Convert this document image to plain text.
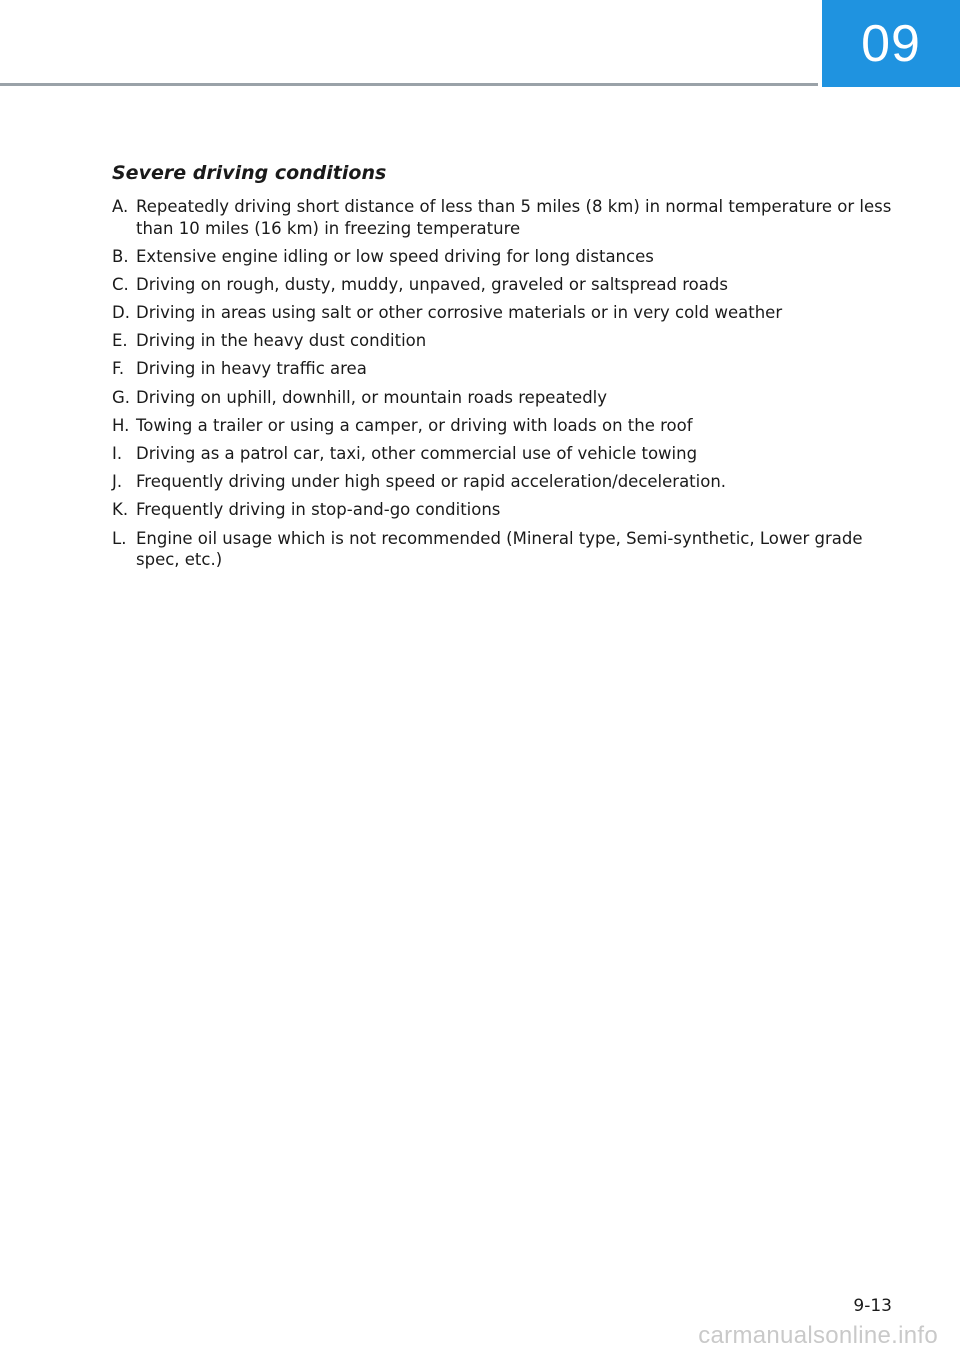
09
Severe driving conditions
A. Repeatedly driving short distance of less than 5 miles (8 km) in normal temperature or less than 10 miles (16 km) in freezing temperature
B. Extensive engine idling or low speed driving for long distances
C. Driving on rough, dusty, muddy, unpaved, graveled or saltspread roads
D. Driving in areas using salt or other corrosive materials or in very cold weather
E. Driving in the heavy dust condition
F. Driving in heavy traffic area
G. Driving on uphill, downhill, or mountain roads repeatedly
H. Towing a trailer or using a camper, or driving with loads on the roof
I. Driving as a patrol car, taxi, other commercial use of vehicle towing
J. Frequently driving under high speed or rapid acceleration/deceleration.
K. Frequently driving in stop-and-go conditions
L. Engine oil usage which is not recommended (Mineral type, Semi-synthetic, Lower grade spec, etc.)
9-13
carmanualsonline.info
